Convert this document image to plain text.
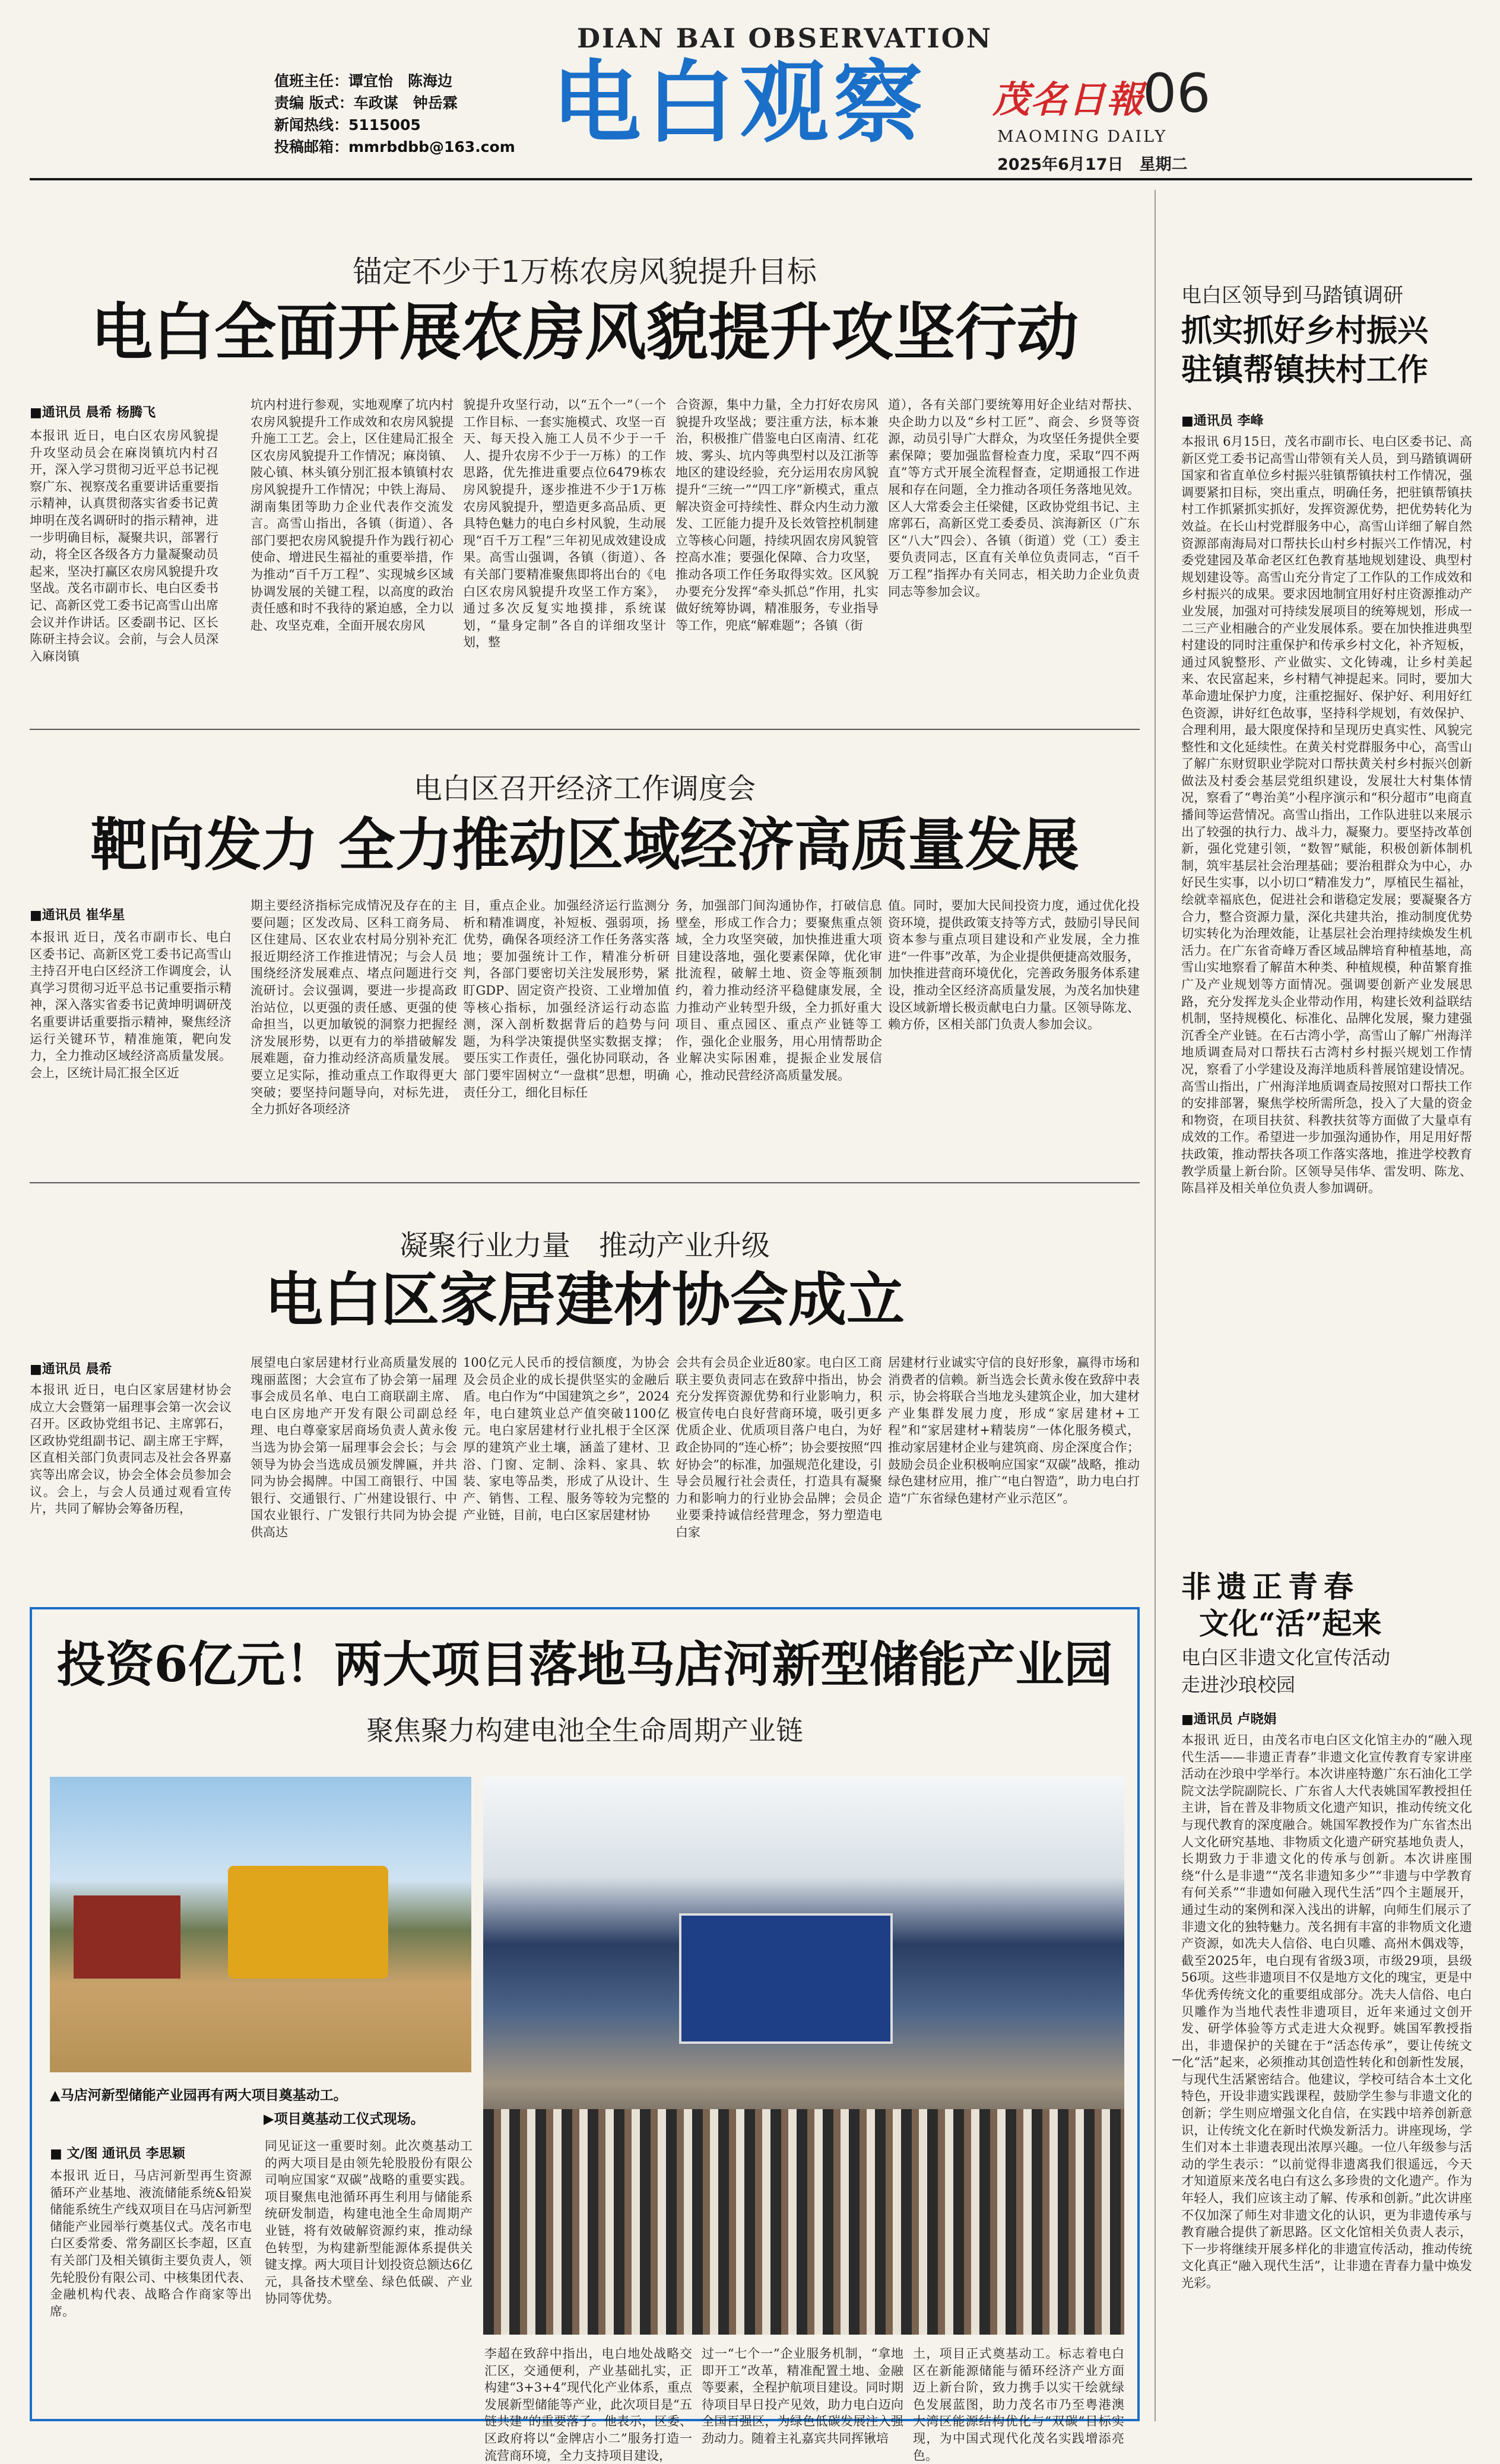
值班主任：谭宜怡　陈海边
责编 版式：车政谋　钟岳霖
新闻热线：5115005
投稿邮箱：mmrbdbb@163.com
DIAN BAI OBSERVATION
电白观察 茂名日報
06
MAOMING DAILY
2025年6月17日　星期二
锚定不少于1万栋农房风貌提升目标
电白全面开展农房风貌提升攻坚行动
■通讯员 晨希 杨腾飞
本报讯 近日，电白区农房风貌提升攻坚动员会在麻岗镇坑内村召开，深入学习贯彻习近平总书记视察广东、视察茂名重要讲话重要指示精神，认真贯彻落实省委书记黄坤明在茂名调研时的指示精神，进一步明确目标，凝聚共识，部署行动，将全区各级各方力量凝聚动员起来，坚决打赢区农房风貌提升攻坚战。茂名市副市长、电白区委书记、高新区党工委书记高雪山出席会议并作讲话。区委副书记、区长陈研主持会议。会前，与会人员深入麻岗镇
坑内村进行参观，实地观摩了坑内村农房风貌提升工作成效和农房风貌提升施工工艺。会上，区住建局汇报全区农房风貌提升工作情况；麻岗镇、陂心镇、林头镇分别汇报本镇镇村农房风貌提升工作情况；中铁上海局、湖南集团等助力企业代表作交流发言。高雪山指出，各镇（街道）、各部门要把农房风貌提升作为践行初心使命、增进民生福祉的重要举措，作为推动“百千万工程”、实现城乡区域协调发展的关键工程，以高度的政治责任感和时不我待的紧迫感，全力以赴、攻坚克难，全面开展农房风
貌提升攻坚行动，以“五个一”（一个工作目标、一套实施模式、攻坚一百天、每天投入施工人员不少于一千人、提升农房不少于一万栋）的工作思路，优先推进重要点位6479栋农房风貌提升，逐步推进不少于1万栋农房风貌提升，塑造更多高品质、更具特色魅力的电白乡村风貌，生动展现“百千万工程”三年初见成效建设成果。高雪山强调，各镇（街道）、各有关部门要精准聚焦即将出台的《电白区农房风貌提升攻坚工作方案》，通过多次反复实地摸排，系统谋划，“量身定制”各自的详细攻坚计划，整
合资源，集中力量，全力打好农房风貌提升攻坚战；要注重方法，标本兼治，积极推广借鉴电白区南清、红花坡、雾头、坑内等典型村以及江浙等地区的建设经验，充分运用农房风貌提升“三统一”“四工序”新模式，重点解决资金可持续性、群众内生动力激发、工匠能力提升及长效管控机制建立等核心问题，持续巩固农房风貌管控高水准；要强化保障、合力攻坚，推动各项工作任务取得实效。区风貌办要充分发挥“牵头抓总”作用，扎实做好统筹协调，精准服务，专业指导等工作，兜底“解难题”；各镇（街
道），各有关部门要统筹用好企业结对帮扶、央企助力以及“乡村工匠”、商会、乡贤等资源，动员引导广大群众，为攻坚任务提供全要素保障；要加强监督检查力度，采取“四不两直”等方式开展全流程督查，定期通报工作进展和存在问题，全力推动各项任务落地见效。区人大常委会主任梁健，区政协党组书记、主席郭石，高新区党工委委员、滨海新区（广东区“八大”四会）、各镇（街道）党（工）委主要负责同志，区直有关单位负责同志，“百千万工程”指挥办有关同志，相关助力企业负责同志等参加会议。
电白区召开经济工作调度会
靶向发力 全力推动区域经济高质量发展
■通讯员 崔华星
本报讯 近日，茂名市副市长、电白区委书记、高新区党工委书记高雪山主持召开电白区经济工作调度会，认真学习贯彻习近平总书记重要指示精神，深入落实省委书记黄坤明调研茂名重要讲话重要指示精神，聚焦经济运行关键环节，精准施策，靶向发力，全力推动区域经济高质量发展。会上，区统计局汇报全区近
期主要经济指标完成情况及存在的主要问题；区发改局、区科工商务局、区住建局、区农业农村局分别补充汇报近期经济工作推进情况；与会人员围绕经济发展难点、堵点问题进行交流研讨。会议强调，要进一步提高政治站位，以更强的责任感、更强的使命担当，以更加敏锐的洞察力把握经济发展形势，以更有力的举措破解发展难题，奋力推动经济高质量发展。要立足实际，推动重点工作取得更大突破；要坚持问题导向，对标先进，全力抓好各项经济
目，重点企业。加强经济运行监测分析和精准调度，补短板、强弱项，扬优势，确保各项经济工作任务落实落地；要加强统计工作，精准分析研判，各部门要密切关注发展形势，紧盯GDP、固定资产投资、工业增加值等核心指标，加强经济运行动态监测，深入剖析数据背后的趋势与问题，为科学决策提供坚实数据支撑；要压实工作责任，强化协同联动，各部门要牢固树立“一盘棋”思想，明确责任分工，细化目标任
务，加强部门间沟通协作，打破信息壁垒，形成工作合力；要聚焦重点领域，全力攻坚突破，加快推进重大项目建设落地，强化要素保障，优化审批流程，破解土地、资金等瓶颈制约，着力推动经济平稳健康发展，全力推动产业转型升级，全力抓好重大项目、重点园区、重点产业链等工作，强化企业服务，用心用情帮助企业解决实际困难，提振企业发展信心，推动民营经济高质量发展。
值。同时，要加大民间投资力度，通过优化投资环境，提供政策支持等方式，鼓励引导民间资本参与重点项目建设和产业发展，全力推进“一件事”改革，为企业提供便捷高效服务，加快推进营商环境优化，完善政务服务体系建设，推动全区经济高质量发展，为茂名加快建设区域新增长极贡献电白力量。区领导陈龙、赖方侨，区相关部门负责人参加会议。
凝聚行业力量　推动产业升级
电白区家居建材协会成立
■通讯员 晨希
本报讯 近日，电白区家居建材协会成立大会暨第一届理事会第一次会议召开。区政协党组书记、主席郭石，区政协党组副书记、副主席王宇辉，区直相关部门负责同志及社会各界嘉宾等出席会议，协会全体会员参加会议。会上，与会人员通过观看宣传片，共同了解协会筹备历程，
展望电白家居建材行业高质量发展的瑰丽蓝图；大会宣布了协会第一届理事会成员名单、电白工商联副主席、电白区房地产开发有限公司副总经理、电白尊豪家居商场负责人黄永俊当选为协会第一届理事会会长；与会领导为协会当选成员颁发牌匾，并共同为协会揭牌。中国工商银行、中国银行、交通银行、广州建设银行、中国农业银行、广发银行共同为协会提供高达
100亿元人民币的授信额度，为协会及会员企业的成长提供坚实的金融后盾。电白作为“中国建筑之乡”，2024年，电白建筑业总产值突破1100亿元。电白家居建材行业扎根于全区深厚的建筑产业土壤，涵盖了建材、卫浴、门窗、定制、涂料、家具、软装、家电等品类，形成了从设计、生产、销售、工程、服务等较为完整的产业链，目前，电白区家居建材协
会共有会员企业近80家。电白区工商联主要负责同志在致辞中指出，协会充分发挥资源优势和行业影响力，积极宣传电白良好营商环境，吸引更多优质企业、优质项目落户电白，为好政企协同的“连心桥”；协会要按照“四好协会”的标准，加强规范化建设，引导会员履行社会责任，打造具有凝聚力和影响力的行业协会品牌；会员企业要秉持诚信经营理念，努力塑造电白家
居建材行业诚实守信的良好形象，赢得市场和消费者的信赖。新当选会长黄永俊在致辞中表示，协会将联合当地龙头建筑企业，加大建材产业集群发展力度，形成“家居建材+工程”和“家居建材+精装房”一体化服务模式，推动家居建材企业与建筑商、房企深度合作；鼓励会员企业积极响应国家“双碳”战略，推动绿色建材应用，推广“电白智造”，助力电白打造“广东省绿色建材产业示范区”。
投资6亿元！两大项目落地马店河新型储能产业园
聚焦聚力构建电池全生命周期产业链
▲马店河新型储能产业园再有两大项目奠基动工。
▶项目奠基动工仪式现场。
■ 文/图 通讯员 李思颖
本报讯 近日，马店河新型再生资源循环产业基地、液流储能系统&铅炭储能系统生产线双项目在马店河新型储能产业园举行奠基仪式。茂名市电白区委常委、常务副区长李超，区直有关部门及相关镇街主要负责人，领先轮股份有限公司、中核集团代表、金融机构代表、战略合作商家等出席。
同见证这一重要时刻。此次奠基动工的两大项目是由领先轮股股份有限公司响应国家“双碳”战略的重要实践。项目聚焦电池循环再生利用与储能系统研发制造，构建电池全生命周期产业链，将有效破解资源约束，推动绿色转型，为构建新型能源体系提供关键支撑。两大项目计划投资总额达6亿元，具备技术壁垒、绿色低碳、产业协同等优势。
李超在致辞中指出，电白地处战略交汇区，交通便利，产业基础扎实，正构建“3+3+4”现代化产业体系，重点发展新型储能等产业，此次项目是“五链共建”的重要落子。他表示，区委、区政府将以“金牌店小二”服务打造一流营商环境，全力支持项目建设，
过一“七个一”企业服务机制，“拿地即开工”改革，精准配置土地、金融等要素，全程护航项目建设。同时期待项目早日投产见效，助力电白迈向全国百强区，为绿色低碳发展注入强劲动力。随着主礼嘉宾共同挥锹培
土，项目正式奠基动工。标志着电白区在新能源储能与循环经济产业方面迈上新台阶，致力携手以实干绘就绿色发展蓝图，助力茂名市乃至粤港澳大湾区能源结构优化与“双碳”目标实现，为中国式现代化茂名实践增添亮色。
电白区领导到马踏镇调研
抓实抓好乡村振兴
驻镇帮镇扶村工作
■通讯员 李峰
本报讯 6月15日，茂名市副市长、电白区委书记、高新区党工委书记高雪山带领有关人员，到马踏镇调研国家和省直单位乡村振兴驻镇帮镇扶村工作情况，强调要紧扣目标，突出重点，明确任务，把驻镇帮镇扶村工作抓紧抓实抓好，发挥资源优势，把优势转化为效益。在长山村党群服务中心，高雪山详细了解自然资源部南海局对口帮扶长山村乡村振兴工作情况，村委党建园及革命老区红色教育基地规划建设、典型村规划建设等。高雪山充分肯定了工作队的工作成效和乡村振兴的成果。要求因地制宜用好村庄资源推动产业发展，加强对可持续发展项目的统筹规划，形成一二三产业相融合的产业发展体系。要在加快推进典型村建设的同时注重保护和传承乡村文化，补齐短板，通过风貌整形、产业做实、文化铸魂，让乡村美起来、农民富起来，乡村精气神提起来。同时，要加大革命遗址保护力度，注重挖掘好、保护好、利用好红色资源，讲好红色故事，坚持科学规划，有效保护、合理利用，最大限度保持和呈现历史真实性、风貌完整性和文化延续性。在黄关村党群服务中心，高雪山了解广东财贸职业学院对口帮扶黄关村乡村振兴创新做法及村委会基层党组织建设，发展壮大村集体情况，察看了“粤治美”小程序演示和“积分超市”电商直播间等运营情况。高雪山指出，工作队进驻以来展示出了较强的执行力、战斗力，凝聚力。要坚持改革创新，强化党建引领，“数智”赋能，积极创新体制机制，筑牢基层社会治理基础；要治租群众为中心，办好民生实事，以小切口“精准发力”，厚植民生福祉，绘就幸福底色，促进社会和谐稳定发展；要凝聚各方合力，整合资源力量，深化共建共治，推动制度优势切实转化为治理效能，让基层社会治理持续焕发生机活力。在广东省奇峰万香区域品牌培育种植基地，高雪山实地察看了解苗木种类、种植规模，种苗繁育推广及产业规划等方面情况。强调要创新产业发展思路，充分发挥龙头企业带动作用，构建长效利益联结机制，坚持规模化、标准化、品牌化发展，聚力建强沉香全产业链。在石古湾小学，高雪山了解广州海洋地质调查局对口帮扶石古湾村乡村振兴规划工作情况，察看了小学建设及海洋地质科普展馆建设情况。高雪山指出，广州海洋地质调查局按照对口帮扶工作的安排部署，聚焦学校所需所急，投入了大量的资金和物资，在项目扶贫、科教扶贫等方面做了大量卓有成效的工作。希望进一步加强沟通协作，用足用好帮扶政策，推动帮扶各项工作落实落地，推进学校教育教学质量上新台阶。区领导吴伟华、雷发明、陈龙、陈昌祥及相关单位负责人参加调研。
非遗正青春
文化“活”起来
电白区非遗文化宣传活动
走进沙琅校园
■通讯员 卢晓娟
本报讯 近日，由茂名市电白区文化馆主办的“融入现代生活——非遗正青春”非遗文化宣传教育专家讲座活动在沙琅中学举行。本次讲座特邀广东石油化工学院文法学院副院长、广东省人大代表姚国军教授担任主讲，旨在普及非物质文化遗产知识，推动传统文化与现代教育的深度融合。姚国军教授作为广东省杰出人文化研究基地、非物质文化遗产研究基地负责人，长期致力于非遗文化的传承与创新。本次讲座围绕“什么是非遗”“茂名非遗知多少”“非遗与中学教育有何关系”“非遗如何融入现代生活”四个主题展开，通过生动的案例和深入浅出的讲解，向师生们展示了非遗文化的独特魅力。茂名拥有丰富的非物质文化遗产资源，如冼夫人信俗、电白贝雕、高州木偶戏等，截至2025年，电白现有省级3项，市级29项，县级56项。这些非遗项目不仅是地方文化的瑰宝，更是中华优秀传统文化的重要组成部分。冼夫人信俗、电白贝雕作为当地代表性非遗项目，近年来通过文创开发、研学体验等方式走进大众视野。姚国军教授指出，非遗保护的关键在于“活态传承”，要让传统文化“活”起来，必须推动其创造性转化和创新性发展，与现代生活紧密结合。他建议，学校可结合本土文化特色，开设非遗实践课程，鼓励学生参与非遗文化的创新；学生则应增强文化自信，在实践中培养创新意识，让传统文化在新时代焕发新活力。讲座现场，学生们对本土非遗表现出浓厚兴趣。一位八年级参与活动的学生表示：“以前觉得非遗离我们很遥远，今天才知道原来茂名电白有这么多珍贵的文化遗产。作为年轻人，我们应该主动了解、传承和创新。”此次讲座不仅加深了师生对非遗文化的认识，更为非遗传承与教育融合提供了新思路。区文化馆相关负责人表示，下一步将继续开展多样化的非遗宣传活动，推动传统文化真正“融入现代生活”，让非遗在青春力量中焕发光彩。
